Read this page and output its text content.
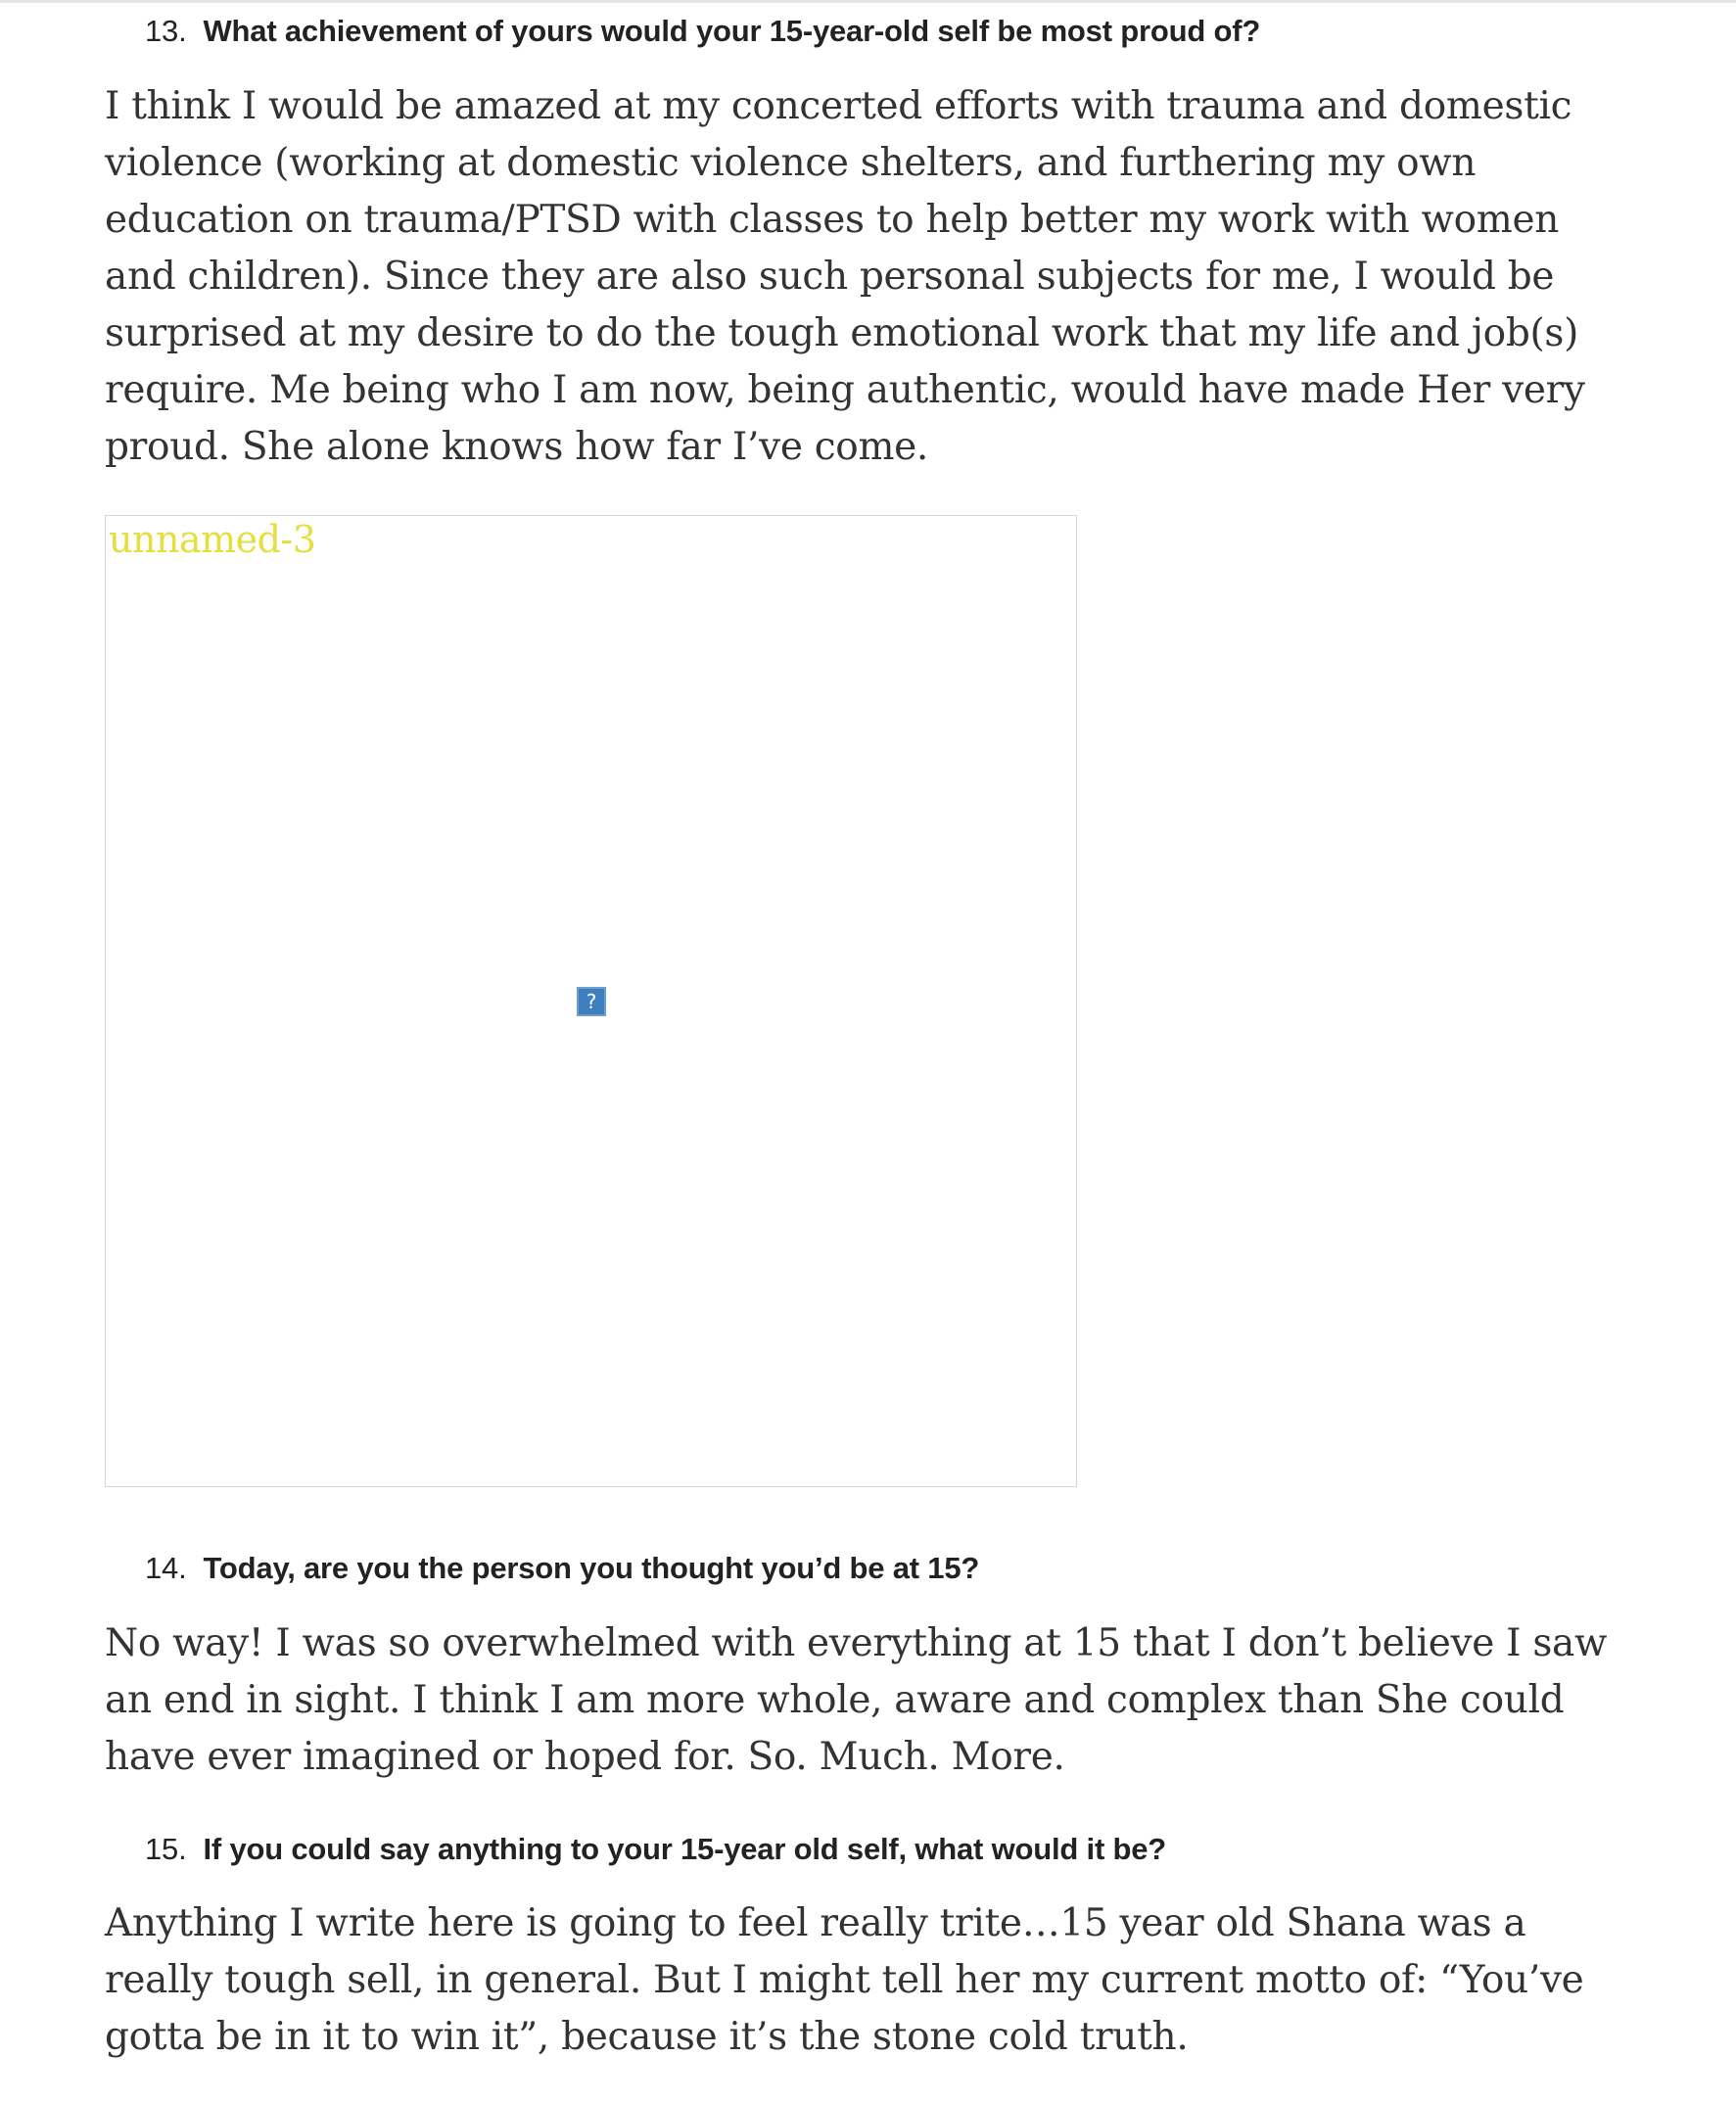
13. What achievement of yours would your 15-year-old self be most proud of?

I think I would be amazed at my concerted efforts with trauma and domestic violence (working at domestic violence shelters, and furthering my own education on trauma/PTSD with classes to help better my work with women and children). Since they are also such personal subjects for me, I would be surprised at my desire to do the tough emotional work that my life and job(s) require. Me being who I am now, being authentic, would have made Her very proud. She alone knows how far I’ve come.

unnamed-3
?
14. Today, are you the person you thought you’d be at 15?

No way! I was so overwhelmed with everything at 15 that I don’t believe I saw an end in sight. I think I am more whole, aware and complex than She could have ever imagined or hoped for. So. Much. More.

15. If you could say anything to your 15-year old self, what would it be?

Anything I write here is going to feel really trite…15 year old Shana was a really tough sell, in general. But I might tell her my current motto of: “You’ve gotta be in it to win it”, because it’s the stone cold truth.
